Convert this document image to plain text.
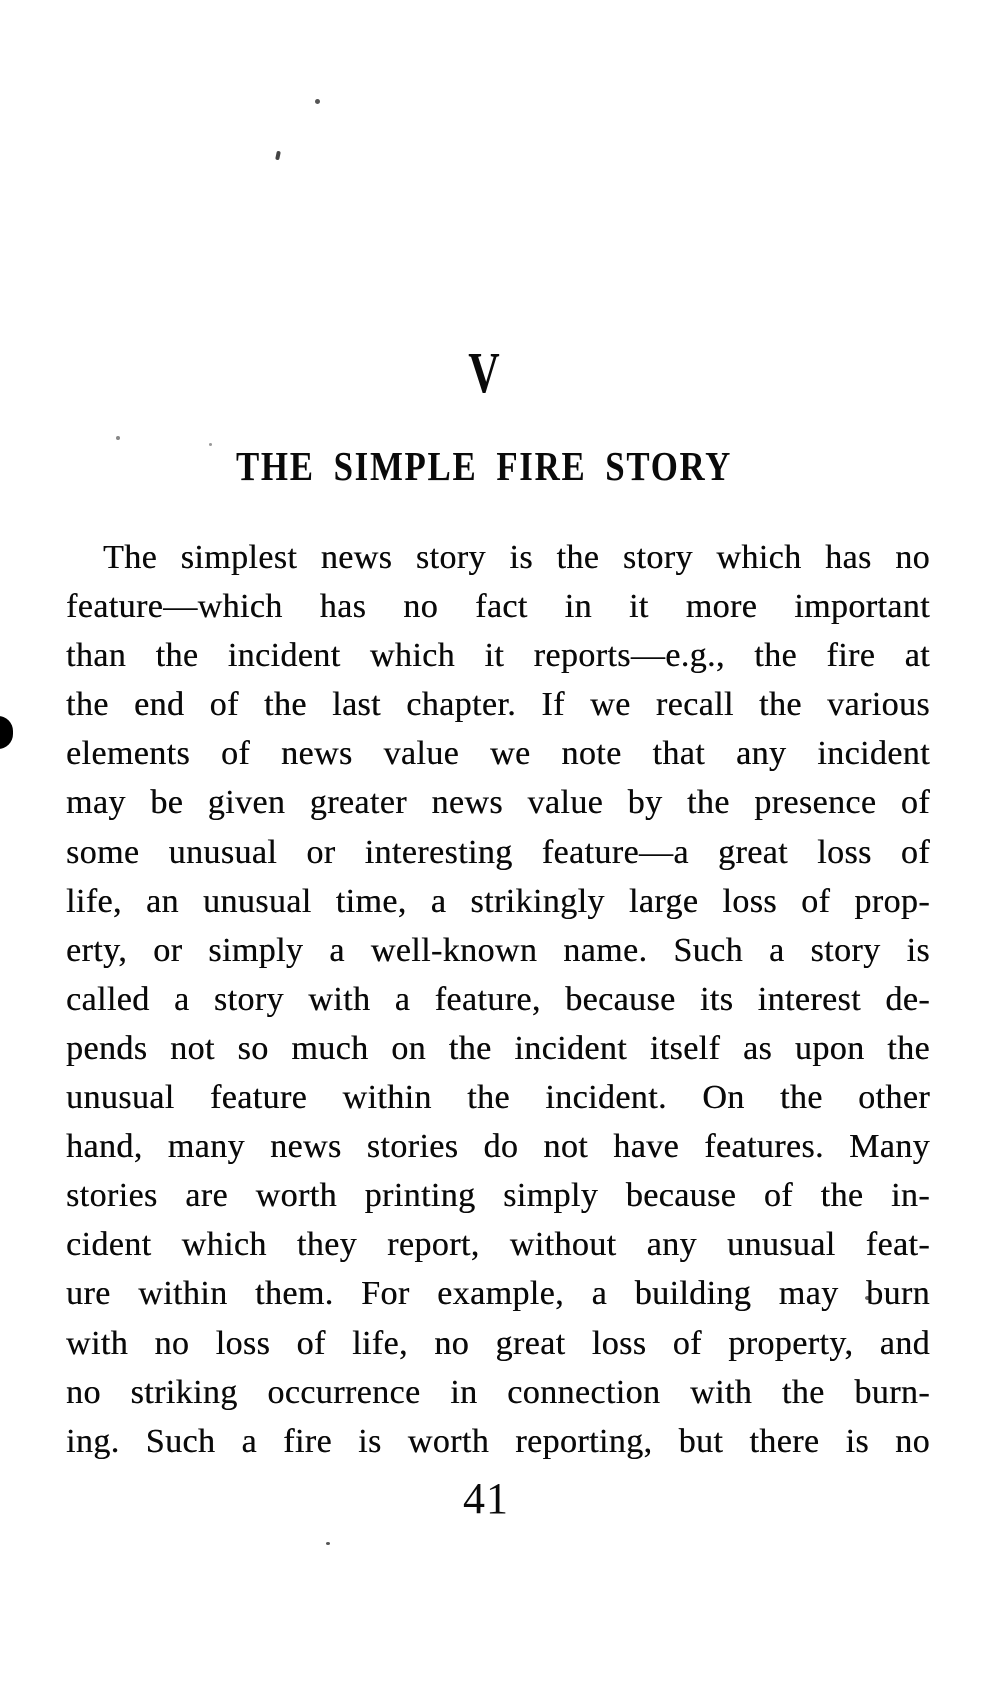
V
THE SIMPLE FIRE STORY
The simplest news story is the story which has no
feature—which has no fact in it more important
than the incident which it reports—e.g., the fire at
the end of the last chapter. If we recall the various
elements of news value we note that any incident
may be given greater news value by the presence of
some unusual or interesting feature—a great loss of
life, an unusual time, a strikingly large loss of prop-
erty, or simply a well-known name. Such a story is
called a story with a feature, because its interest de-
pends not so much on the incident itself as upon the
unusual feature within the incident. On the other
hand, many news stories do not have features. Many
stories are worth printing simply because of the in-
cident which they report, without any unusual feat-
ure within them. For example, a building may burn
with no loss of life, no great loss of property, and
no striking occurrence in connection with the burn-
ing. Such a fire is worth reporting, but there is no
41
